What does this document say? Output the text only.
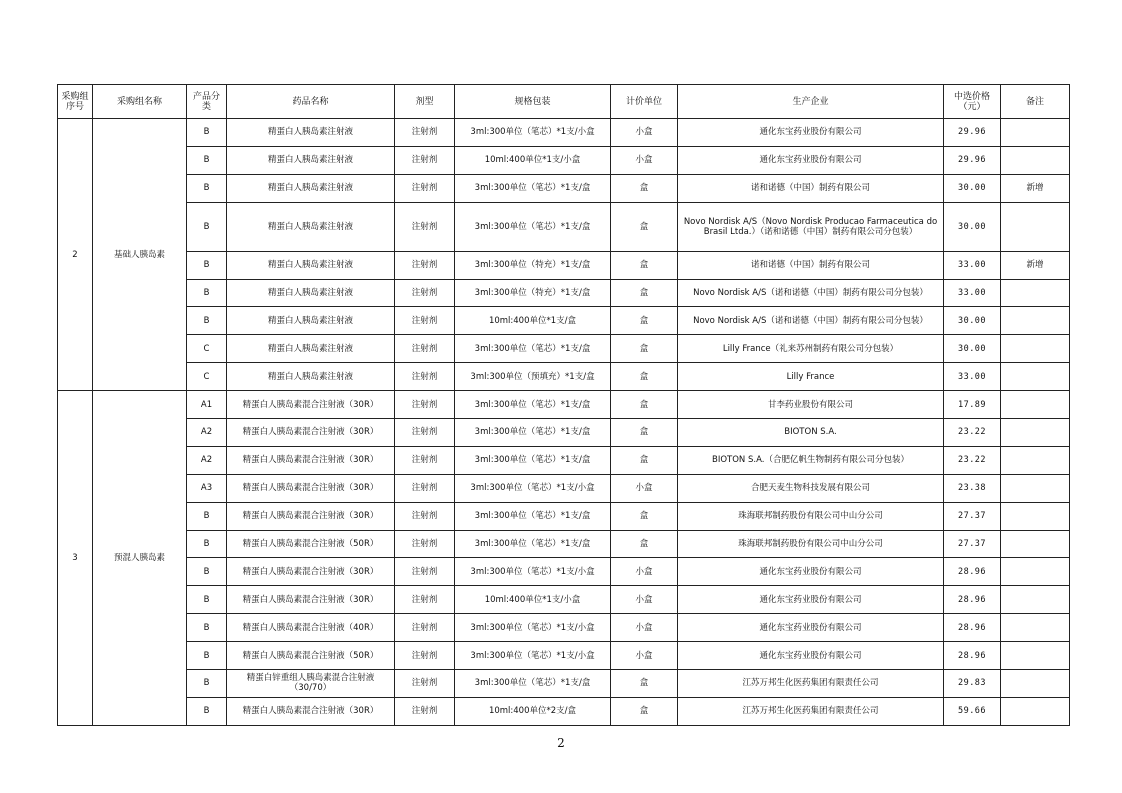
采购组序号	采购组名称	产品分类	药品名称	剂型	规格包装	计价单位	生产企业	中选价格（元）	备注
2	基础人胰岛素	B	精蛋白人胰岛素注射液	注射剂	3ml:300单位（笔芯）*1支/小盒	小盒	通化东宝药业股份有限公司	29.96	
		B	精蛋白人胰岛素注射液	注射剂	10ml:400单位*1支/小盒	小盒	通化东宝药业股份有限公司	29.96	
		B	精蛋白人胰岛素注射液	注射剂	3ml:300单位（笔芯）*1支/盒	盒	诺和诺德（中国）制药有限公司	30.00	新增
		B	精蛋白人胰岛素注射液	注射剂	3ml:300单位（笔芯）*1支/盒	盒	Novo Nordisk A/S（Novo Nordisk Producao Farmaceutica do Brasil Ltda.）（诺和诺德（中国）制药有限公司分包装）	30.00	
		B	精蛋白人胰岛素注射液	注射剂	3ml:300单位（特充）*1支/盒	盒	诺和诺德（中国）制药有限公司	33.00	新增
		B	精蛋白人胰岛素注射液	注射剂	3ml:300单位（特充）*1支/盒	盒	Novo Nordisk A/S（诺和诺德（中国）制药有限公司分包装）	33.00	
		B	精蛋白人胰岛素注射液	注射剂	10ml:400单位*1支/盒	盒	Novo Nordisk A/S（诺和诺德（中国）制药有限公司分包装）	30.00	
		C	精蛋白人胰岛素注射液	注射剂	3ml:300单位（笔芯）*1支/盒	盒	Lilly France（礼来苏州制药有限公司分包装）	30.00	
		C	精蛋白人胰岛素注射液	注射剂	3ml:300单位（预填充）*1支/盒	盒	Lilly France	33.00	
3	预混人胰岛素	A1	精蛋白人胰岛素混合注射液（30R）	注射剂	3ml:300单位（笔芯）*1支/盒	盒	甘李药业股份有限公司	17.89	
		A2	精蛋白人胰岛素混合注射液（30R）	注射剂	3ml:300单位（笔芯）*1支/盒	盒	BIOTON S.A.	23.22	
		A2	精蛋白人胰岛素混合注射液（30R）	注射剂	3ml:300单位（笔芯）*1支/盒	盒	BIOTON S.A.（合肥亿帆生物制药有限公司分包装）	23.22	
		A3	精蛋白人胰岛素混合注射液（30R）	注射剂	3ml:300单位（笔芯）*1支/小盒	小盒	合肥天麦生物科技发展有限公司	23.38	
		B	精蛋白人胰岛素混合注射液（30R）	注射剂	3ml:300单位（笔芯）*1支/盒	盒	珠海联邦制药股份有限公司中山分公司	27.37	
		B	精蛋白人胰岛素混合注射液（50R）	注射剂	3ml:300单位（笔芯）*1支/盒	盒	珠海联邦制药股份有限公司中山分公司	27.37	
		B	精蛋白人胰岛素混合注射液（30R）	注射剂	3ml:300单位（笔芯）*1支/小盒	小盒	通化东宝药业股份有限公司	28.96	
		B	精蛋白人胰岛素混合注射液（30R）	注射剂	10ml:400单位*1支/小盒	小盒	通化东宝药业股份有限公司	28.96	
		B	精蛋白人胰岛素混合注射液（40R）	注射剂	3ml:300单位（笔芯）*1支/小盒	小盒	通化东宝药业股份有限公司	28.96	
		B	精蛋白人胰岛素混合注射液（50R）	注射剂	3ml:300单位（笔芯）*1支/小盒	小盒	通化东宝药业股份有限公司	28.96	
		B	精蛋白锌重组人胰岛素混合注射液（30/70）	注射剂	3ml:300单位（笔芯）*1支/盒	盒	江苏万邦生化医药集团有限责任公司	29.83	
		B	精蛋白人胰岛素混合注射液（30R）	注射剂	10ml:400单位*2支/盒	盒	江苏万邦生化医药集团有限责任公司	59.66	
2
